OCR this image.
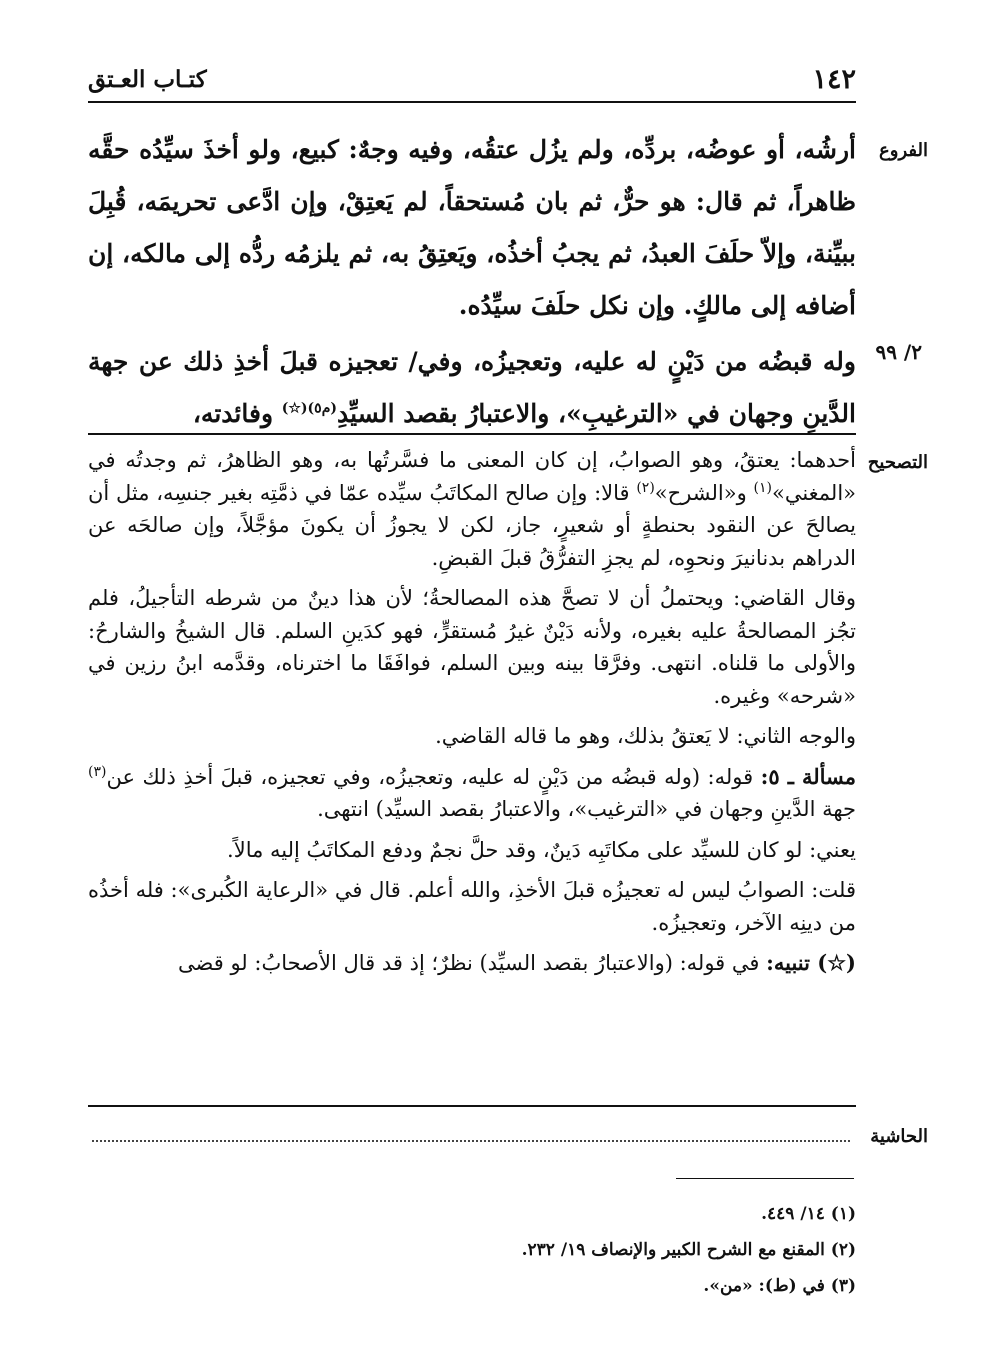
١٤٢
كتـاب العـتق
الفروع
٢/ ٩٩
التصحيح
الحاشية

أرشُه، أو عوضُه، بردِّه، ولم يزُل عتقُه، وفيه وجهٌ: كبيع، ولو أخذَ سيِّدُه حقَّه ظاهراً، ثم قال: هو حرٌّ، ثم بان مُستحقاً، لم يَعتِقْ، وإن ادَّعى تحريمَه، قُبِلَ ببيِّنة، وإلاّ حلَفَ العبدُ، ثم يجبُ أخذُه، ويَعتِقُ به، ثم يلزمُه ردُّه إلى مالكه، إن أضافه إلى مالكٍ. وإن نكل حلَفَ سيِّدُه.

وله قبضُه من دَيْنٍ له عليه، وتعجيزُه، وفي/ تعجيزه قبلَ أخذِ ذلك عن جهة الدَّينِ وجهان في «الترغيبِ»، والاعتبارُ بقصد السيِّدِ$^{(م٥)(☆)}$ وفائدته،

أحدهما: يعتقُ، وهو الصوابُ، إن كان المعنى ما فسَّرتُها به، وهو الظاهرُ، ثم وجدتُه في «المغني»$^{(١)}$ و«الشرح»$^{(٢)}$ قالا: وإن صالح المكاتَبُ سيِّده عمّا في ذمَّتِه بغير جنسِه، مثل أن يصالحَ عن النقود بحنطةٍ أو شعيرٍ، جاز، لكن لا يجوزُ أن يكونَ مؤجَّلاً، وإن صالحَه عن الدراهم بدنانيرَ ونحوِه، لم يجزِ التفرُّقُ قبلَ القبضِ.

وقال القاضي: ويحتملُ أن لا تصحَّ هذه المصالحةُ؛ لأن هذا دينٌ من شرطه التأجيلُ، فلم تجُز المصالحةُ عليه بغيره، ولأنه دَيْنٌ غيرُ مُستقرٍّ، فهو كدَينِ السلم. قال الشيخُ والشارحُ: والأولى ما قلناه. انتهى. وفرَّقا بينه وبين السلم، فوافَقَا ما اخترناه، وقدَّمه ابنُ رزين في «شرحه» وغيره.

والوجه الثاني: لا يَعتقُ بذلك، وهو ما قاله القاضي.

مسألة ـ ٥: قوله: (وله قبضُه من دَيْنٍ له عليه، وتعجيزُه، وفي تعجيزه، قبلَ أخذِ ذلك عن$^{(٣)}$ جهة الدَّينِ وجهان في «الترغيب»، والاعتبارُ بقصد السيِّد) انتهى.

يعني: لو كان للسيِّد على مكاتَبِه دَينٌ، وقد حلَّ نجمٌ ودفع المكاتَبُ إليه مالاً.

قلت: الصوابُ ليس له تعجيزُه قبلَ الأخذِ، والله أعلم. قال في «الرعاية الكُبرى»: فله أخذُه من دينِه الآخر، وتعجيزُه.

(☆) تنبيه: في قوله: (والاعتبارُ بقصد السيِّد) نظرٌ؛ إذ قد قال الأصحابُ: لو قضى

(١) ١٤/ ٤٤٩.

(٢) المقنع مع الشرح الكبير والإنصاف ١٩/ ٢٣٢.

(٣) في (ط): «من».
